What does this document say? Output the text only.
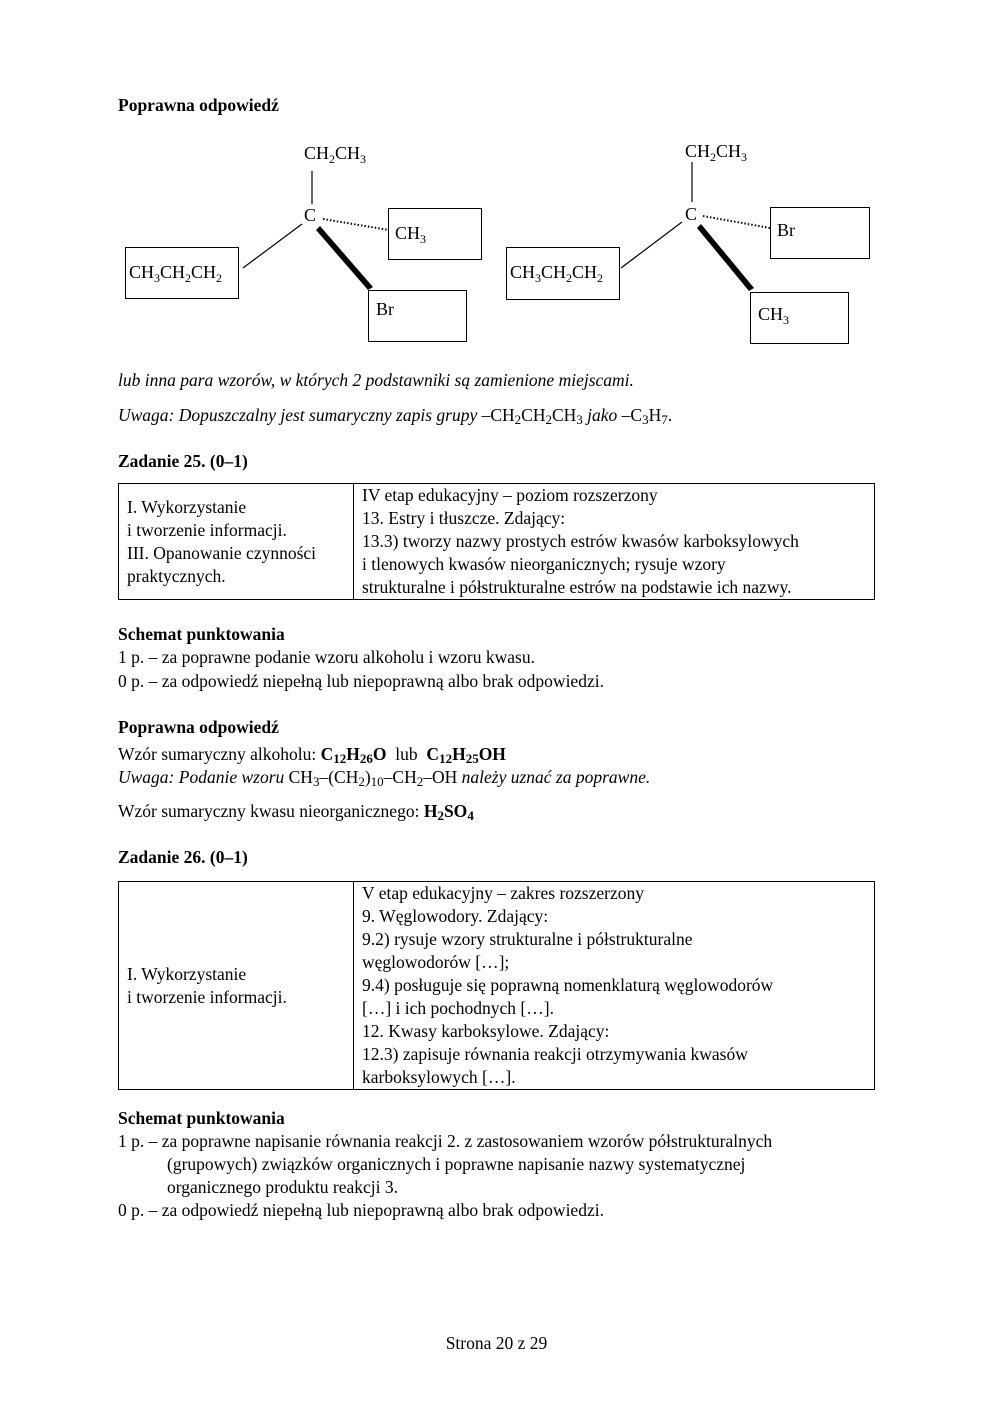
Poprawna odpowiedź
$CH_2CH_3$
C
$CH_3$
$CH_3CH_2CH_2$
Br
$CH_2CH_3$
C
Br
$CH_3CH_2CH_2$
$CH_3$
lub inna para wzorów, w których 2 podstawniki są zamienione miejscami.
Uwaga: Dopuszczalny jest sumaryczny zapis grupy –CH2CH2CH3 jako –C3H7.
Zadanie 25. (0–1)
I. Wykorzystanie
i tworzenie informacji.
III. Opanowanie czynności
praktycznych.

IV etap edukacyjny – poziom rozszerzony
13. Estry i tłuszcze. Zdający:
13.3) tworzy nazwy prostych estrów kwasów karboksylowych
i tlenowych kwasów nieorganicznych; rysuje wzory
strukturalne i półstrukturalne estrów na podstawie ich nazwy.
Schemat punktowania
1 p. – za poprawne podanie wzoru alkoholu i wzoru kwasu.
0 p. – za odpowiedź niepełną lub niepoprawną albo brak odpowiedzi.
Poprawna odpowiedź
Wzór sumaryczny alkoholu: C12H26O  lub  C12H25OH
Uwaga: Podanie wzoru CH3–(CH2)10–CH2–OH należy uznać za poprawne.
Wzór sumaryczny kwasu nieorganicznego: H2SO4
Zadanie 26. (0–1)
I. Wykorzystanie
i tworzenie informacji.

V etap edukacyjny – zakres rozszerzony
9. Węglowodory. Zdający:
9.2) rysuje wzory strukturalne i półstrukturalne
węglowodorów […];
9.4) posługuje się poprawną nomenklaturą węglowodorów
[…] i ich pochodnych […].
12. Kwasy karboksylowe. Zdający:
12.3) zapisuje równania reakcji otrzymywania kwasów
karboksylowych […].
Schemat punktowania
1 p. – za poprawne napisanie równania reakcji 2. z zastosowaniem wzorów półstrukturalnych
(grupowych) związków organicznych i poprawne napisanie nazwy systematycznej
organicznego produktu reakcji 3.
0 p. – za odpowiedź niepełną lub niepoprawną albo brak odpowiedzi.
Strona 20 z 29
